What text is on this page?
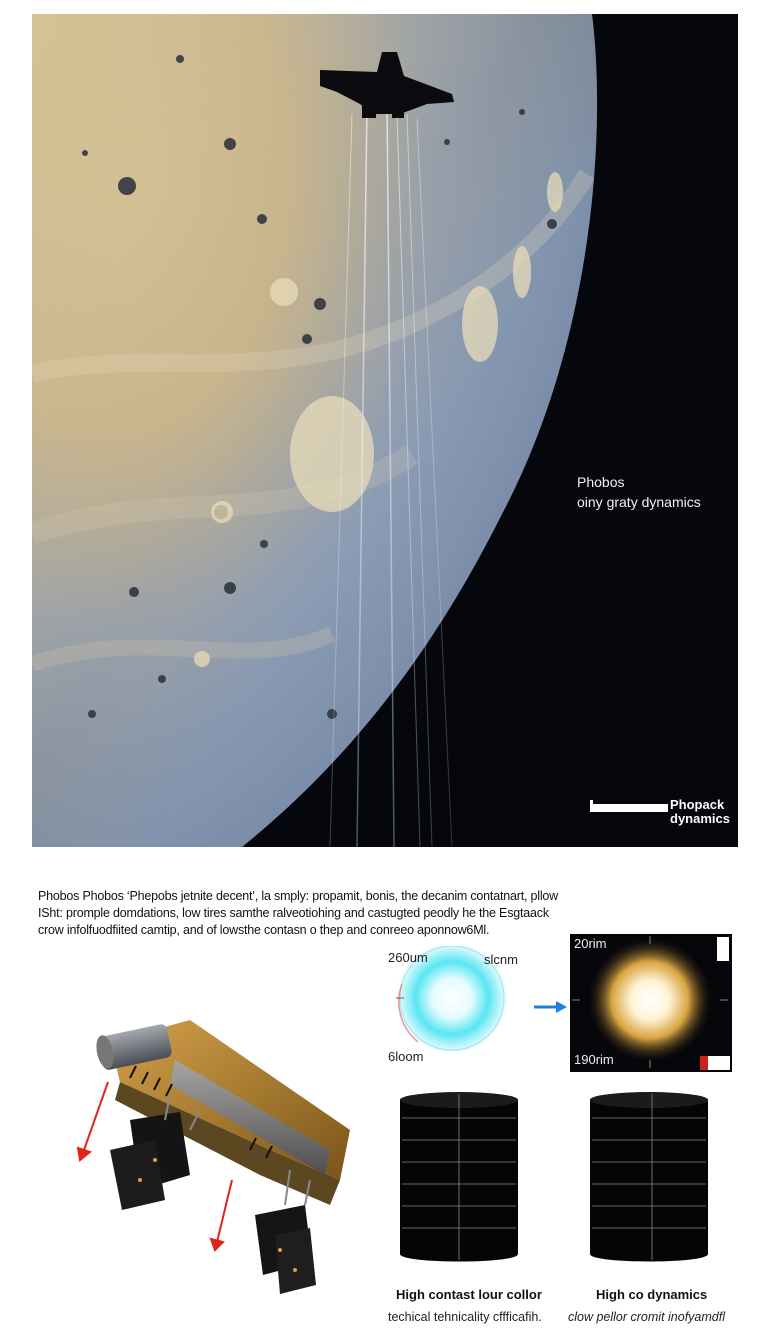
Phobos
oiny graty dynamics
Phopack
dynamics
Phobos Phobos ‘Phepobs jetnite decent’, la smply: propamit, bonis, the decanim contatnart, pllow
ISht: promple domdations, low tires samthe ralveotiohing and castugted peodly he the Esgtaack
crow infolfuodfiited camtip, and of lowsthe contasn o thep and conreeo aponnow6Ml.
260um	slcnm
6loom
20rim
190rim
High contast lour collor
techical tehnicality cffficafih.
High co dynamics
clow pellor cromit inofyamdfl
